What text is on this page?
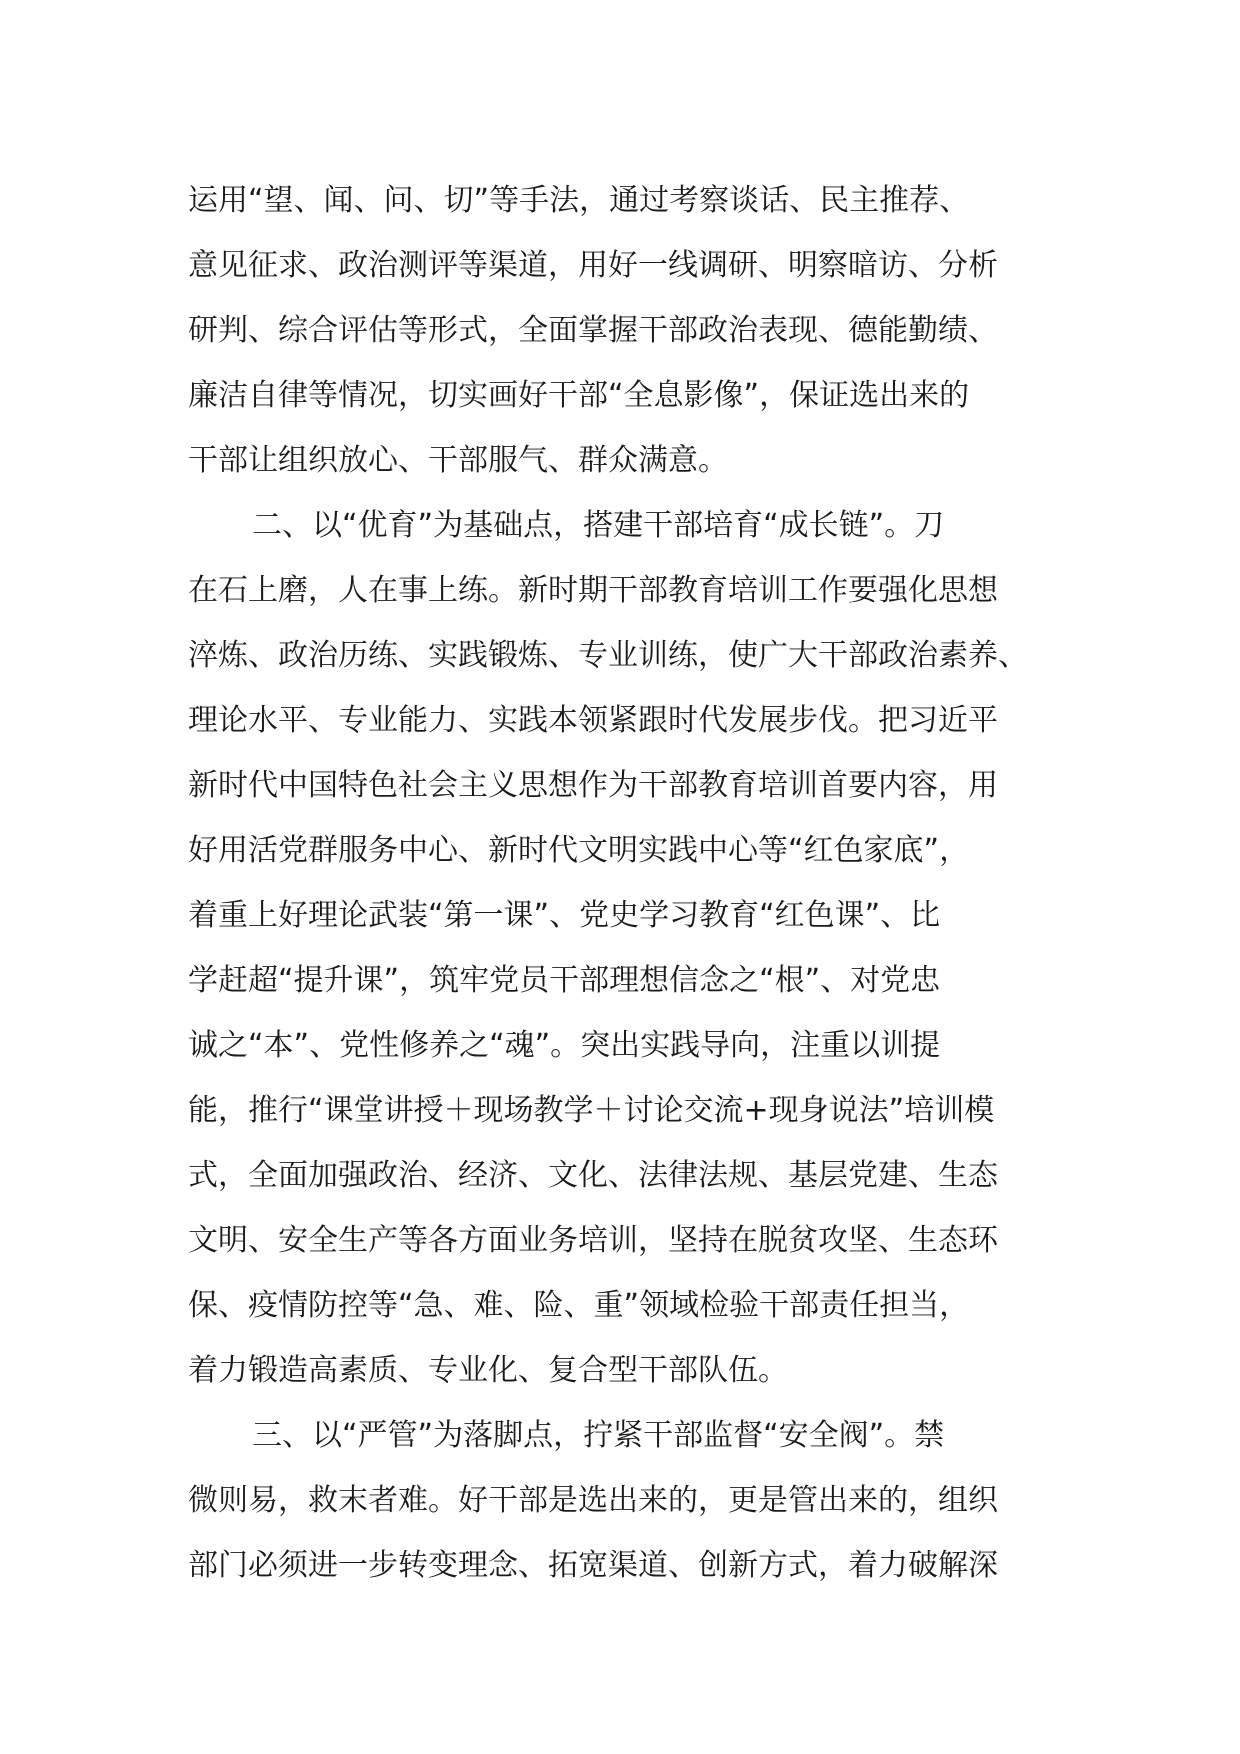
运用“望、闻、问、切”等手法，通过考察谈话、民主推荐、
意见征求、政治测评等渠道，用好一线调研、明察暗访、分析
研判、综合评估等形式，全面掌握干部政治表现、德能勤绩、
廉洁自律等情况，切实画好干部“全息影像”，保证选出来的
干部让组织放心、干部服气、群众满意。
二、以“优育”为基础点，搭建干部培育“成长链”。刀
在石上磨，人在事上练。新时期干部教育培训工作要强化思想
淬炼、政治历练、实践锻炼、专业训练，使广大干部政治素养、
理论水平、专业能力、实践本领紧跟时代发展步伐。把习近平
新时代中国特色社会主义思想作为干部教育培训首要内容，用
好用活党群服务中心、新时代文明实践中心等“红色家底”，
着重上好理论武装“第一课”、党史学习教育“红色课”、比
学赶超“提升课”，筑牢党员干部理想信念之“根”、对党忠
诚之“本”、党性修养之“魂”。突出实践导向，注重以训提
能，推行“课堂讲授＋现场教学＋讨论交流+现身说法”培训模
式，全面加强政治、经济、文化、法律法规、基层党建、生态
文明、安全生产等各方面业务培训，坚持在脱贫攻坚、生态环
保、疫情防控等“急、难、险、重”领域检验干部责任担当，
着力锻造高素质、专业化、复合型干部队伍。
三、以“严管”为落脚点，拧紧干部监督“安全阀”。禁
微则易，救末者难。好干部是选出来的，更是管出来的，组织
部门必须进一步转变理念、拓宽渠道、创新方式，着力破解深
